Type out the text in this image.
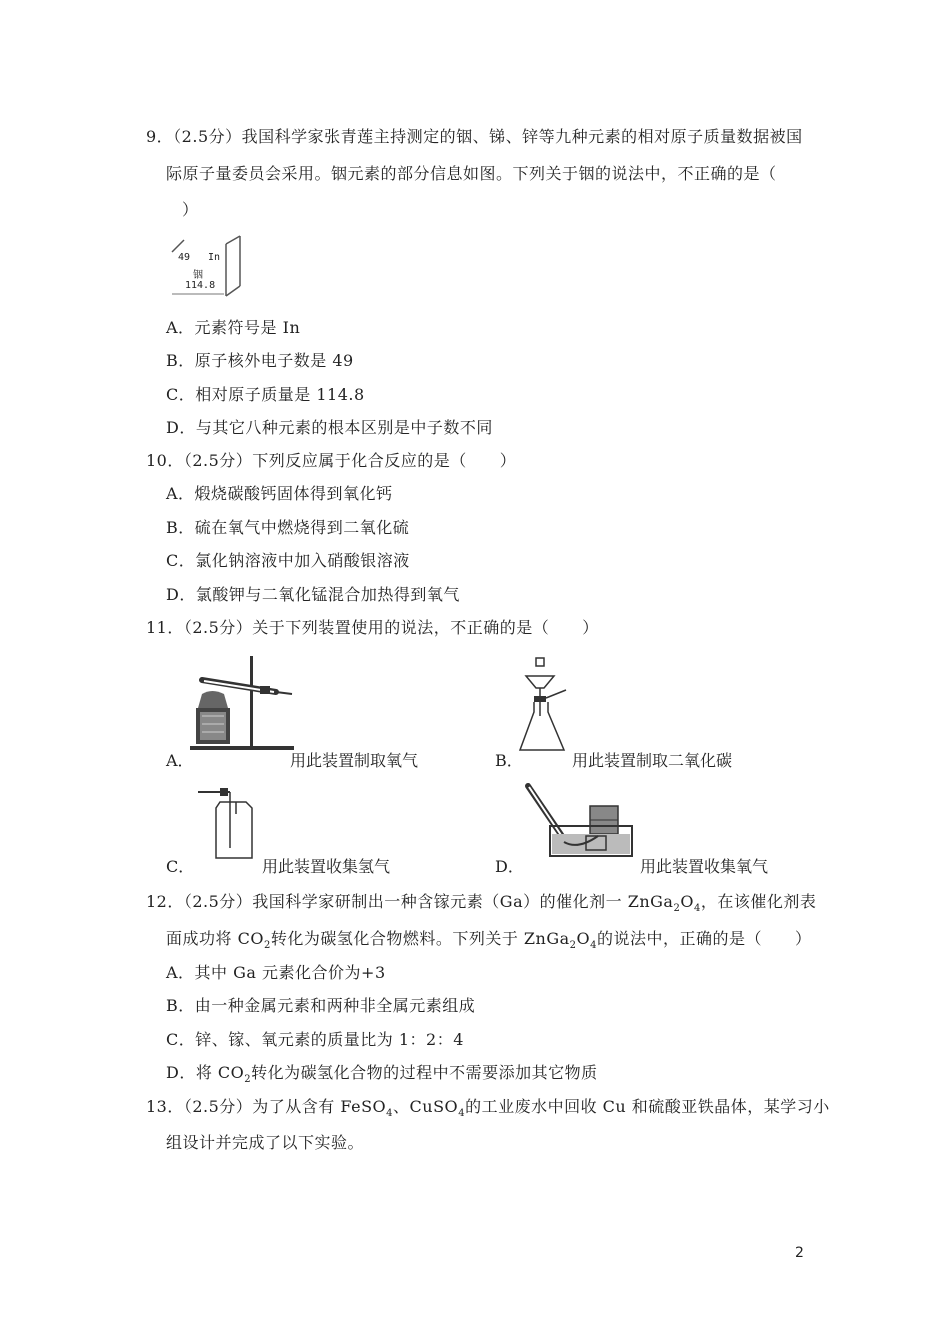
9．（2.5分）我国科学家张青莲主持测定的铟、锑、锌等九种元素的相对原子质量数据被国
际原子量委员会采用。铟元素的部分信息如图。下列关于铟的说法中，不正确的是（
）
49 In
铟
114.8
A．元素符号是 In
B．原子核外电子数是 49
C．相对原子质量是 114.8
D．与其它八种元素的根本区别是中子数不同
10．（2.5分）下列反应属于化合反应的是（　　）
A．煅烧碳酸钙固体得到氧化钙
B．硫在氧气中燃烧得到二氧化硫
C．氯化钠溶液中加入硝酸银溶液
D．氯酸钾与二氧化锰混合加热得到氧气
11．（2.5分）关于下列装置使用的说法，不正确的是（　　）
A．	用此装置制取氧气	B．	用此装置制取二氧化碳
C．	用此装置收集氢气	D．	用此装置收集氧气
12．（2.5分）我国科学家研制出一种含镓元素（Ga）的催化剂一 $ZnGa_2O_4$，在该催化剂表
面成功将 $CO_2$转化为碳氢化合物燃料。下列关于 $ZnGa_2O_4$的说法中，正确的是（　　）
A．其中 Ga 元素化合价为+3
B．由一种金属元素和两种非全属元素组成
C．锌、镓、氧元素的质量比为 1：2：4
D．将 $CO_2$转化为碳氢化合物的过程中不需要添加其它物质
13．（2.5分）为了从含有 FeSO$_4$、CuSO$_4$的工业废水中回收 Cu 和硫酸亚铁晶体，某学习小
组设计并完成了以下实验。
2
